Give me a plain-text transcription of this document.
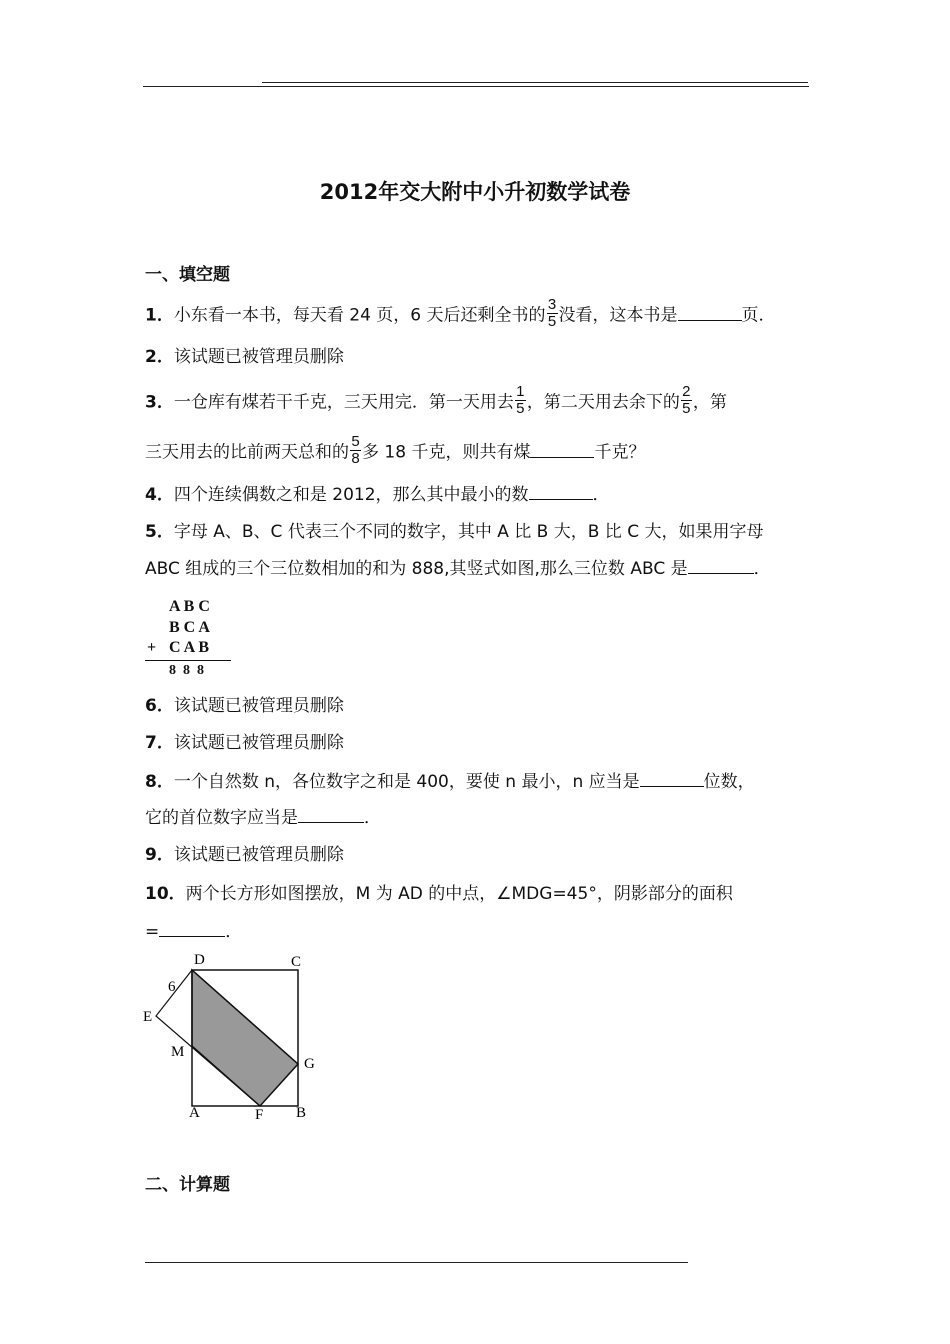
2012年交大附中小升初数学试卷
一、填空题
1．小东看一本书，每天看 24 页，6 天后还剩全书的 $\frac{3}{5}$ 没看，这本书是	页．
2．该试题已被管理员删除
3．一仓库有煤若干千克，三天用完．第一天用去 $\frac{1}{5}$ ，第二天用去余下的 $\frac{2}{5}$ ，第
三天用去的比前两天总和的 $\frac{5}{8}$ 多 18 千克，则共有煤	千克？
4．四个连续偶数之和是 2012，那么其中最小的数	．
5．字母 A、B、C 代表三个不同的数字，其中 A 比 B 大，B 比 C 大，如果用字母
ABC 组成的三个三位数相加的和为 888,其竖式如图,那么三位数 ABC 是	．
A B C
B C A
+ C A B
8  8  8
6．该试题已被管理员删除
7．该试题已被管理员删除
8．一个自然数 n，各位数字之和是 400，要使 n 最小，n 应当是	位数，
它的首位数字应当是	．
9．该试题已被管理员删除
10．两个长方形如图摆放，M 为 AD 的中点，∠MDG=45°，阴影部分的面积
=	．
D	C
6
E
M
G
A	F B
二、计算题
